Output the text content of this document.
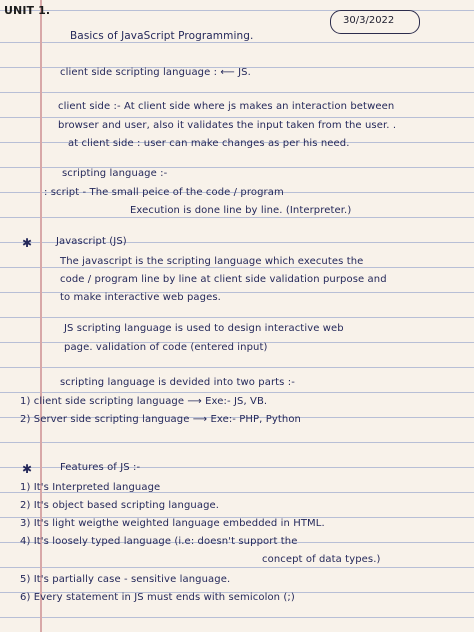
UNIT 1.
30/3/2022
Basics of JavaScript Programming.
client side scripting language : ⟵ JS.
client side :- At client side where js makes an interaction between
browser and user, also it validates the input taken from the user. .
at client side : user can make changes as per his need.
scripting language :-
: script - The small peice of the code / program
Execution is done line by line. (Interpreter.)
✱ Javascript (JS)
The javascript is the scripting language which executes the
code / program line by line at client side validation purpose and
to make interactive web pages.
JS scripting language is used to design interactive web
page. validation of code (entered input)
scripting language is devided into two parts :-
1) client side scripting language ⟶ Exe:- JS, VB.
2) Server side scripting language ⟶ Exe:- PHP, Python
✱	Features of JS :-
1) It's Interpreted language
2) It's object based scripting language.
3) It's light weigthe weighted language embedded in HTML.
4) It's loosely typed language (i.e: doesn't support the
concept of data types.)
5) It's partially case - sensitive language.
6) Every statement in JS must ends with semicolon (;)
